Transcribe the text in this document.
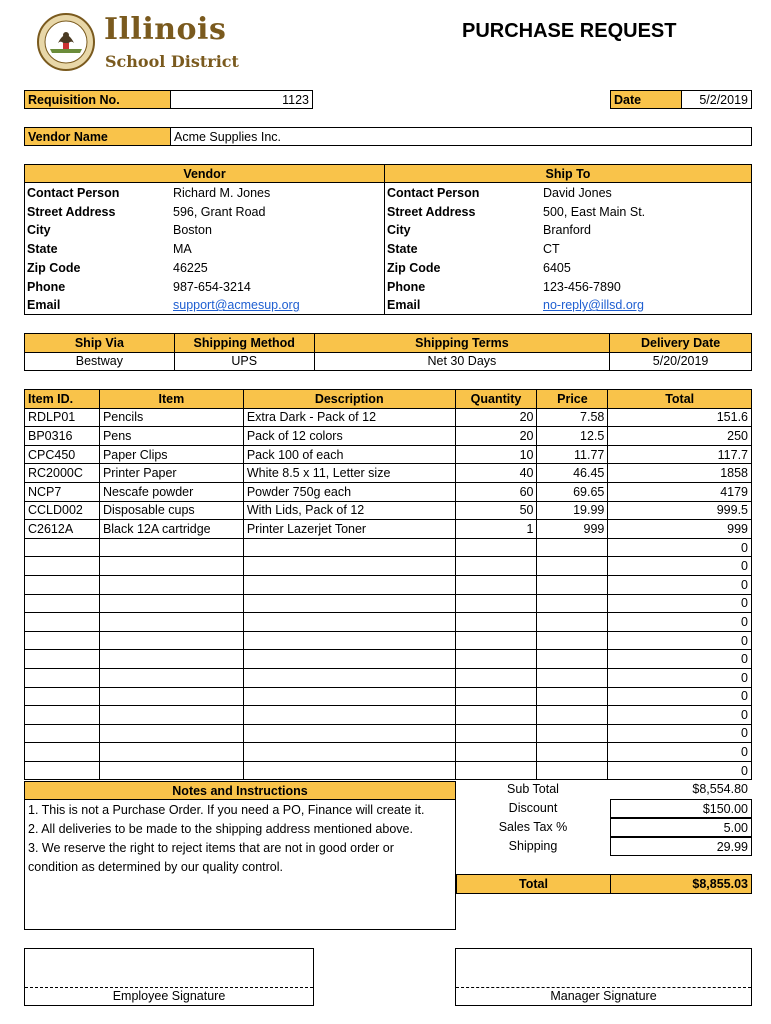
Illinois
School District
PURCHASE REQUEST
Requisition No.	1123	Date	5/2/2019
Vendor Name	Acme Supplies Inc.
Vendor	Ship To
Contact Person	Richard M. Jones
Street Address	596, Grant Road
City	Boston
State	MA
Zip Code	46225
Phone	987-654-3214
Email	support@acmesup.org
Contact Person	David Jones
Street Address	500, East Main St.
City	Branford
State	CT
Zip Code	6405
Phone	123-456-7890
Email	no-reply@illsd.org
Ship Via	Shipping Method	Shipping Terms	Delivery Date
Bestway	UPS	Net 30 Days	5/20/2019
Item ID.	Item	Description	Quantity	Price	Total
RDLP01	Pencils	Extra Dark - Pack of 12	20	7.58	151.6
BP0316	Pens	Pack of 12 colors	20	12.5	250
CPC450	Paper Clips	Pack 100 of each	10	11.77	117.7
RC2000C	Printer Paper	White 8.5 x 11, Letter size	40	46.45	1858
NCP7	Nescafe powder	Powder 750g each	60	69.65	4179
CCLD002	Disposable cups	With Lids, Pack of 12	50	19.99	999.5
C2612A	Black 12A cartridge	Printer Lazerjet Toner	1	999	999
					0
					0
					0
					0
					0
					0
					0
					0
					0
					0
					0
					0
					0
Notes and Instructions
1. This is not a Purchase Order. If you need a PO, Finance will create it.
2. All deliveries to be made to the shipping address mentioned above.
3. We reserve the right to reject items that are not in good order or
condition as determined by our quality control.
Sub Total	$8,554.80
Discount	$150.00
Sales Tax %	5.00
Shipping	29.99
Total	$8,855.03
Employee Signature	Manager Signature
